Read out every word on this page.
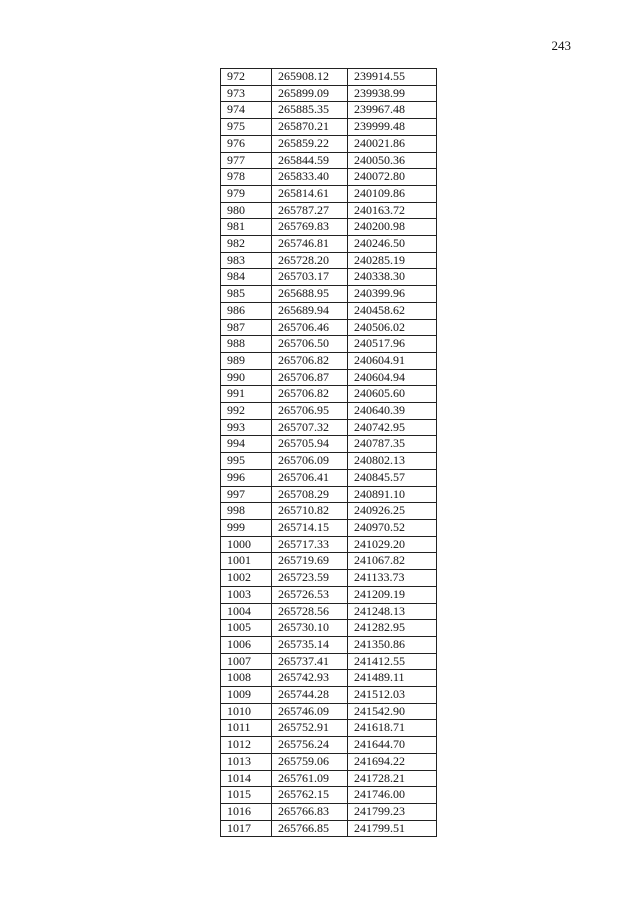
243
972	265908.12	239914.55
973	265899.09	239938.99
974	265885.35	239967.48
975	265870.21	239999.48
976	265859.22	240021.86
977	265844.59	240050.36
978	265833.40	240072.80
979	265814.61	240109.86
980	265787.27	240163.72
981	265769.83	240200.98
982	265746.81	240246.50
983	265728.20	240285.19
984	265703.17	240338.30
985	265688.95	240399.96
986	265689.94	240458.62
987	265706.46	240506.02
988	265706.50	240517.96
989	265706.82	240604.91
990	265706.87	240604.94
991	265706.82	240605.60
992	265706.95	240640.39
993	265707.32	240742.95
994	265705.94	240787.35
995	265706.09	240802.13
996	265706.41	240845.57
997	265708.29	240891.10
998	265710.82	240926.25
999	265714.15	240970.52
1000	265717.33	241029.20
1001	265719.69	241067.82
1002	265723.59	241133.73
1003	265726.53	241209.19
1004	265728.56	241248.13
1005	265730.10	241282.95
1006	265735.14	241350.86
1007	265737.41	241412.55
1008	265742.93	241489.11
1009	265744.28	241512.03
1010	265746.09	241542.90
1011	265752.91	241618.71
1012	265756.24	241644.70
1013	265759.06	241694.22
1014	265761.09	241728.21
1015	265762.15	241746.00
1016	265766.83	241799.23
1017	265766.85	241799.51
